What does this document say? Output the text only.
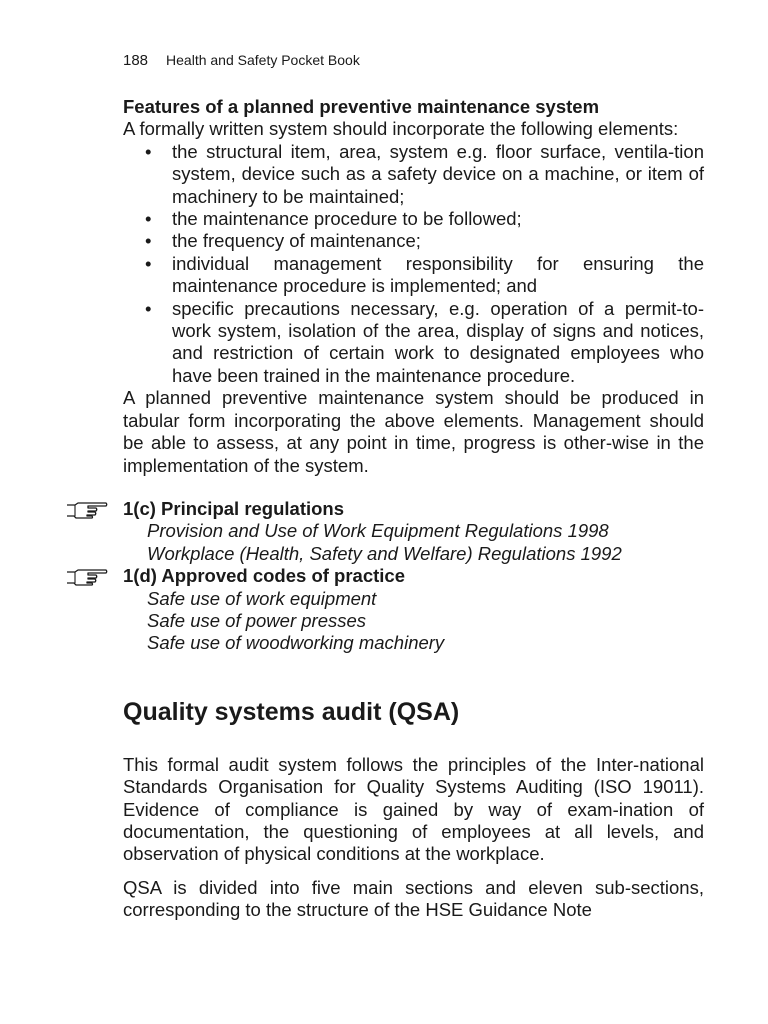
188 Health and Safety Pocket Book

Features of a planned preventive maintenance system

A formally written system should incorporate the following elements:

• the structural item, area, system e.g. floor surface, ventila-tion system, device such as a safety device on a machine, or item of machinery to be maintained;
• the maintenance procedure to be followed;
• the frequency of maintenance;
• individual management responsibility for ensuring the maintenance procedure is implemented; and
• specific precautions necessary, e.g. operation of a permit-to-work system, isolation of the area, display of signs and notices, and restriction of certain work to designated employees who have been trained in the maintenance procedure.

A planned preventive maintenance system should be produced in tabular form incorporating the above elements. Management should be able to assess, at any point in time, progress is other-wise in the implementation of the system.

1(c) Principal regulations
Provision and Use of Work Equipment Regulations 1998
Workplace (Health, Safety and Welfare) Regulations 1992
1(d) Approved codes of practice
Safe use of work equipment
Safe use of power presses
Safe use of woodworking machinery
Quality systems audit (QSA)

This formal audit system follows the principles of the Inter-national Standards Organisation for Quality Systems Auditing (ISO 19011). Evidence of compliance is gained by way of exam-ination of documentation, the questioning of employees at all levels, and observation of physical conditions at the workplace.

QSA is divided into five main sections and eleven sub-sections, corresponding to the structure of the HSE Guidance Note
